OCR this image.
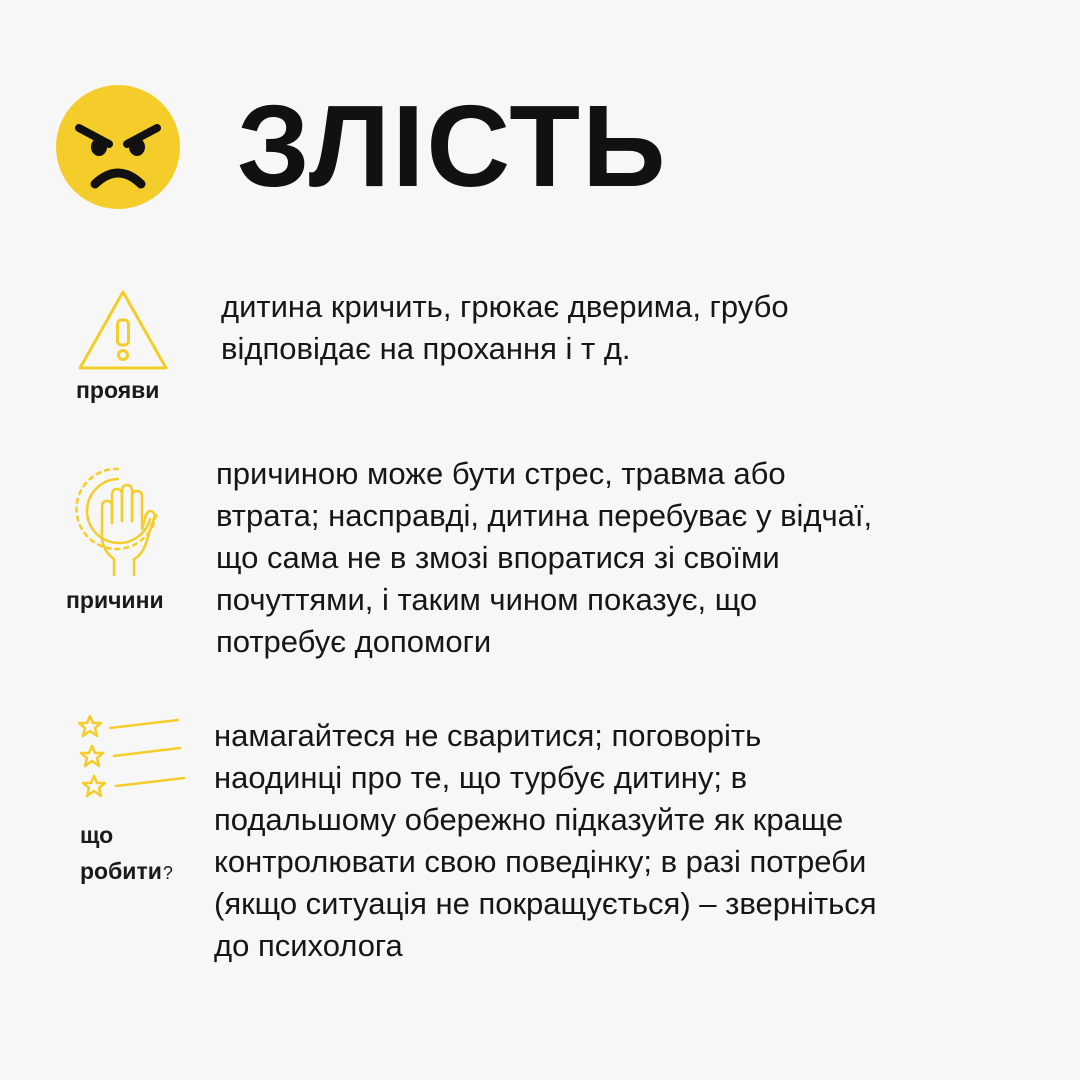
ЗЛІСТЬ
прояви
дитина кричить, грюкає дверима, грубо
відповідає на прохання і т д.
причини
причиною може бути стрес, травма або
втрата; насправді, дитина перебуває у відчаї,
що сама не в змозі впоратися зі своїми
почуттями, і таким чином показує, що
потребує допомоги
що
робити?
намагайтеся не сваритися; поговоріть
наодинці про те, що турбує дитину; в
подальшому обережно підказуйте як краще
контролювати свою поведінку; в разі потреби
(якщо ситуація не покращується) – зверніться
до психолога
